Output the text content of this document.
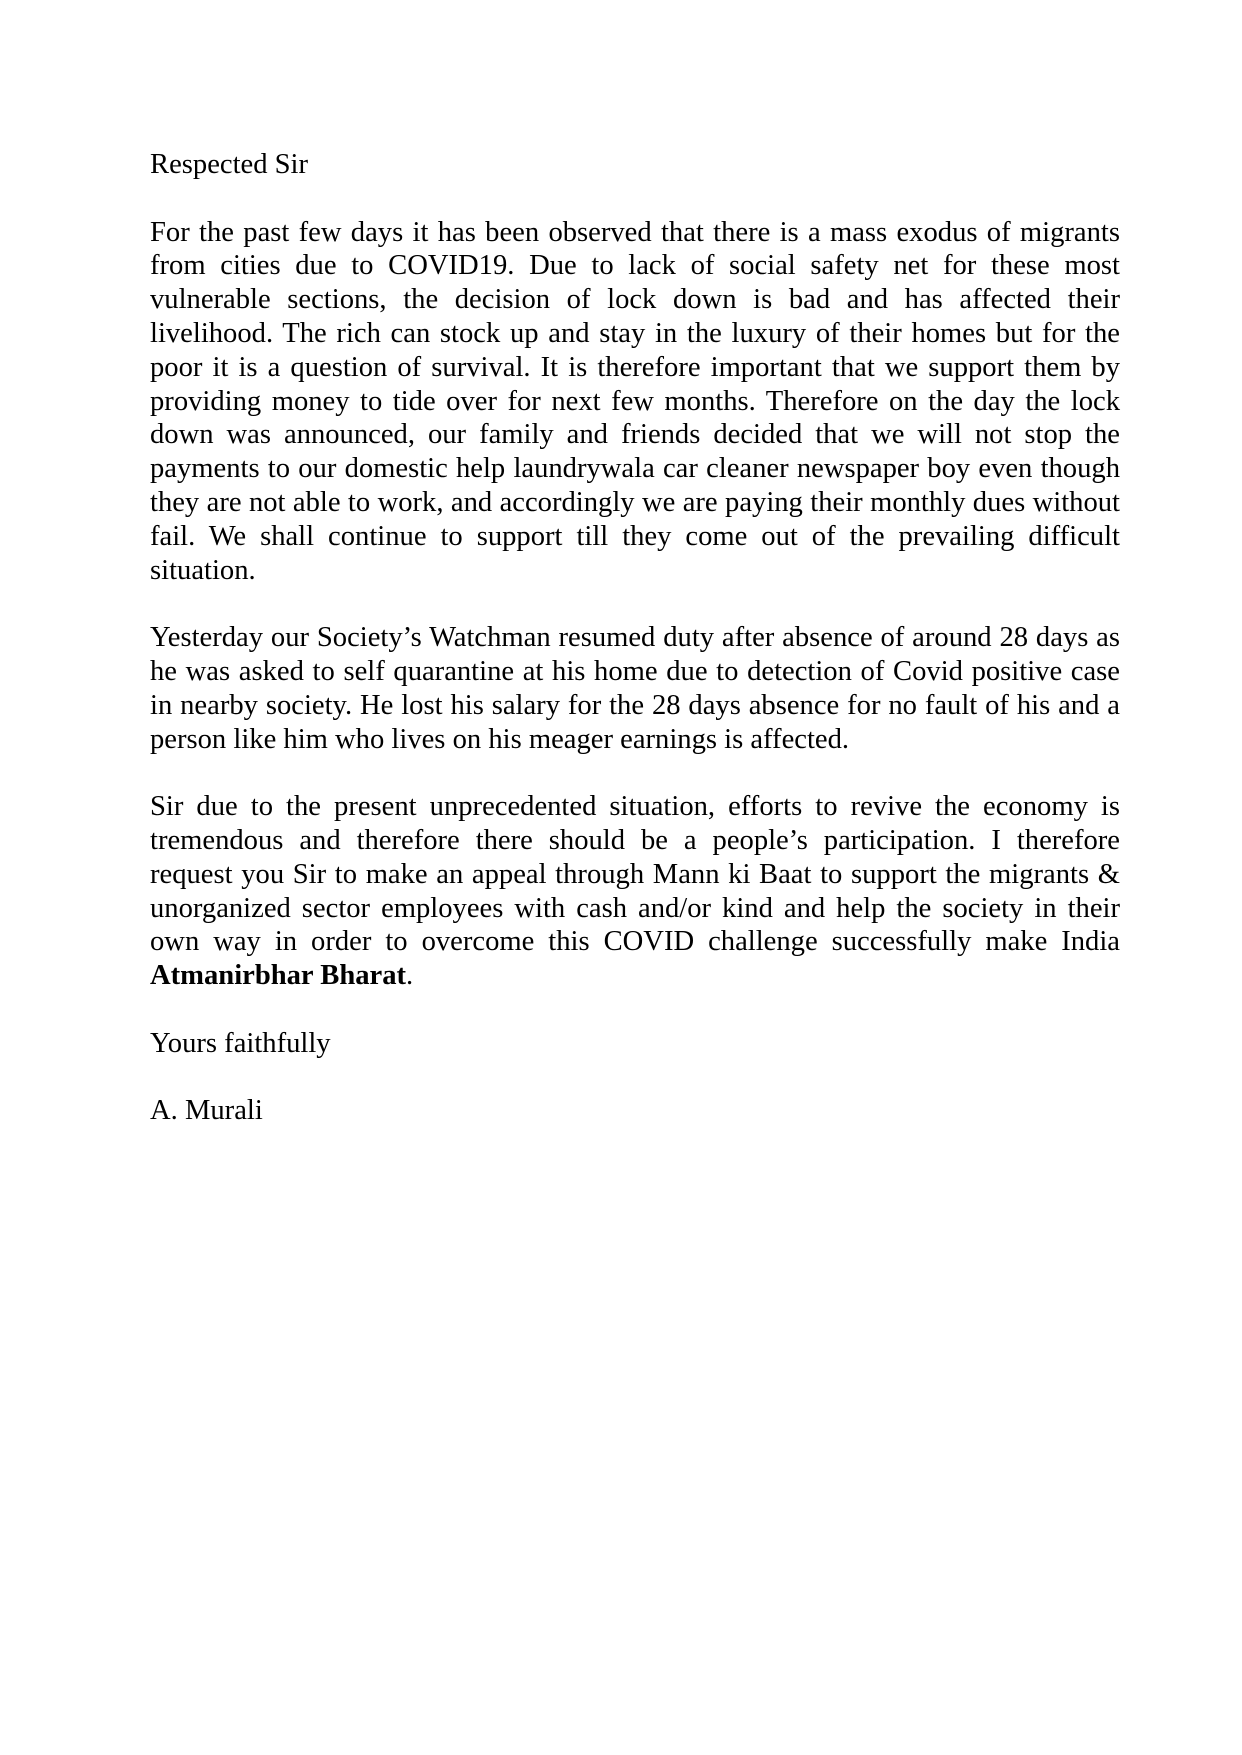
Respected Sir

For the past few days it has been observed that there is a mass exodus of migrants from cities due to COVID19. Due to lack of social safety net for these most vulnerable sections, the decision of lock down is bad and has affected their livelihood. The rich can stock up and stay in the luxury of their homes but for the poor it is a question of survival. It is therefore important that we support them by providing money to tide over for next few months. Therefore on the day the lock down was announced, our family and friends decided that we will not stop the payments to our domestic help laundrywala car cleaner newspaper boy even though they are not able to work, and accordingly we are paying their monthly dues without fail. We shall continue to support till they come out of the prevailing difficult situation.

Yesterday our Society’s Watchman resumed duty after absence of around 28 days as he was asked to self quarantine at his home due to detection of Covid positive case in nearby society. He lost his salary for the 28 days absence for no fault of his and a person like him who lives on his meager earnings is affected.

Sir due to the present unprecedented situation, efforts to revive the economy is tremendous and therefore there should be a people’s participation. I therefore request you Sir to make an appeal through Mann ki Baat to support the migrants & unorganized sector employees with cash and/or kind and help the society in their own way in order to overcome this COVID challenge successfully make India Atmanirbhar Bharat.

Yours faithfully

A. Murali
